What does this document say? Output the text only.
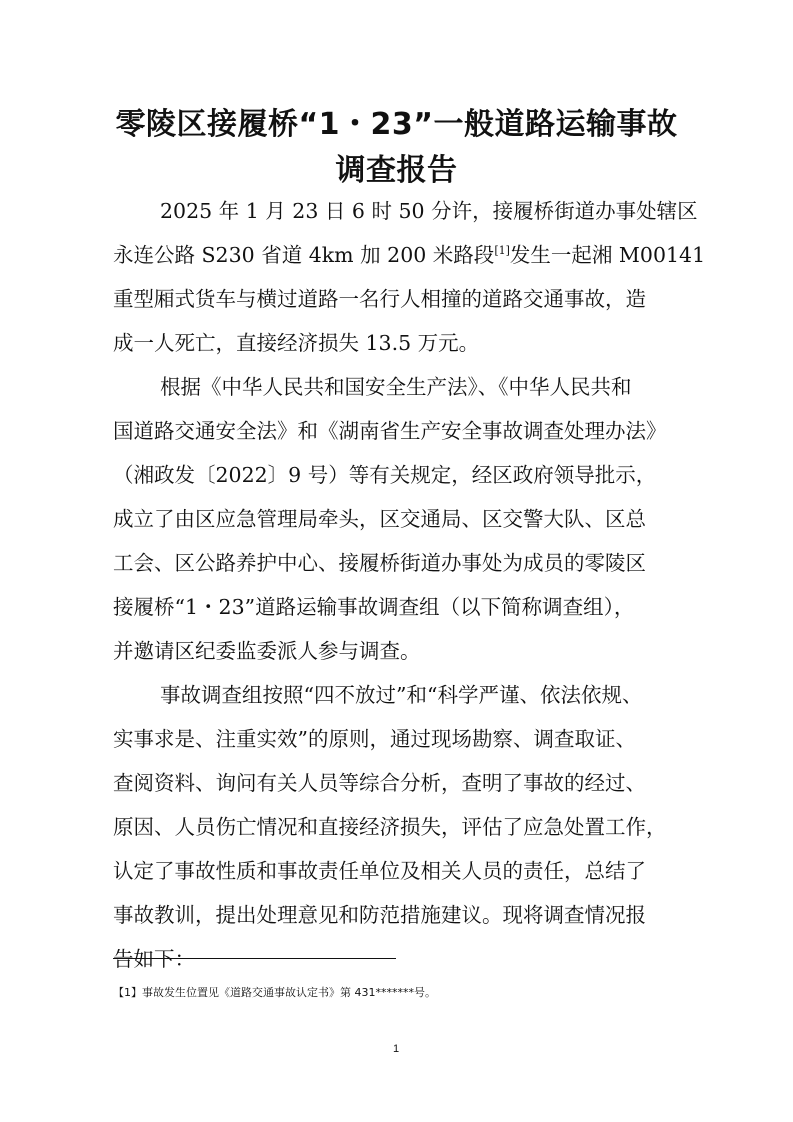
零陵区接履桥“1・23”一般道路运输事故
调查报告
2025 年 1 月 23 日 6 时 50 分许，接履桥街道办事处辖区
永连公路 S230 省道 4km 加 200 米路段[1]发生一起湘 M00141
重型厢式货车与横过道路一名行人相撞的道路交通事故，造
成一人死亡，直接经济损失 13.5 万元。
根据《中华人民共和国安全生产法》、《中华人民共和
国道路交通安全法》和《湖南省生产安全事故调查处理办法》
（湘政发〔2022〕9 号）等有关规定，经区政府领导批示，
成立了由区应急管理局牵头，区交通局、区交警大队、区总
工会、区公路养护中心、接履桥街道办事处为成员的零陵区
接履桥“1・23”道路运输事故调查组（以下简称调查组），
并邀请区纪委监委派人参与调查。
事故调查组按照“四不放过”和“科学严谨、依法依规、
实事求是、注重实效”的原则，通过现场勘察、调查取证、
查阅资料、询问有关人员等综合分析，查明了事故的经过、
原因、人员伤亡情况和直接经济损失，评估了应急处置工作，
认定了事故性质和事故责任单位及相关人员的责任，总结了
事故教训，提出处理意见和防范措施建议。现将调查情况报
告如下：
【1】事故发生位置见《道路交通事故认定书》第 431*******号。
1
